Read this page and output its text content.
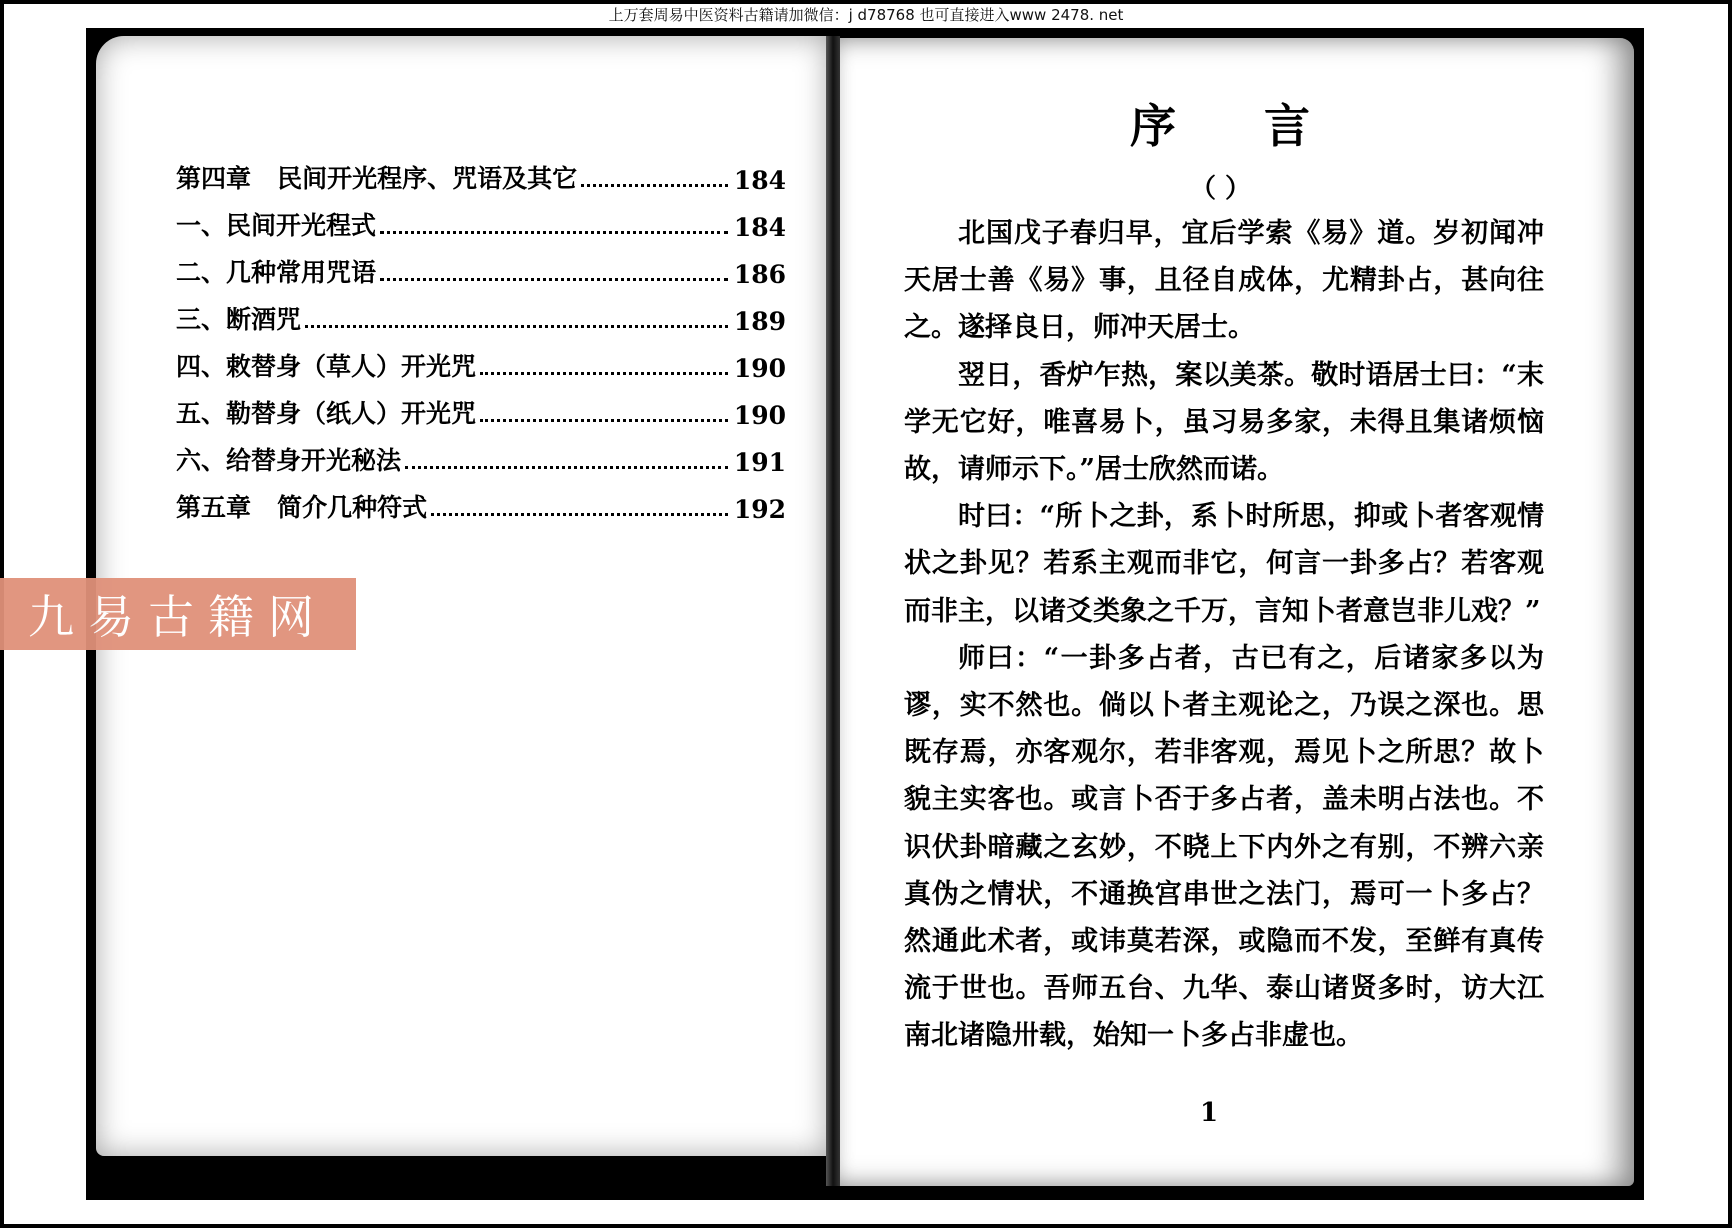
上万套周易中医资料古籍请加微信：j d78768 也可直接进入www 2478. net
第四章   民间开光程序、咒语及其它	184
一、民间开光程式	184
二、几种常用咒语	186
三、断酒咒	189
四、敕替身（草人）开光咒	190
五、勒替身（纸人）开光咒	190
六、给替身开光秘法	191
第五章   简介几种符式	192
九易古籍网
序 言
（ ）

北国戊子春归早，宜后学索《易》道。岁初闻冲天居士善《易》事，且径自成体，尤精卦占，甚向往之。遂择良日，师冲天居士。

翌日，香炉乍热，案以美茶。敬时语居士曰：“末学无它好，唯喜易卜，虽习易多家，未得且集诸烦恼故，请师示下。”居士欣然而诺。

时曰：“所卜之卦，系卜时所思，抑或卜者客观情状之卦见？若系主观而非它，何言一卦多占？若客观而非主，以诸爻类象之千万，言知卜者意岂非儿戏？”

师曰：“一卦多占者，古已有之，后诸家多以为谬，实不然也。倘以卜者主观论之，乃误之深也。思既存焉，亦客观尔，若非客观，焉见卜之所思？故卜貌主实客也。或言卜否于多占者，盖未明占法也。不识伏卦暗藏之玄妙，不晓上下内外之有别，不辨六亲真伪之情状，不通换宫串世之法门，焉可一卜多占？然通此术者，或讳莫若深，或隐而不发，至鲜有真传流于世也。吾师五台、九华、泰山诸贤多时，访大江南北诸隐卅载，始知一卜多占非虚也。

1
